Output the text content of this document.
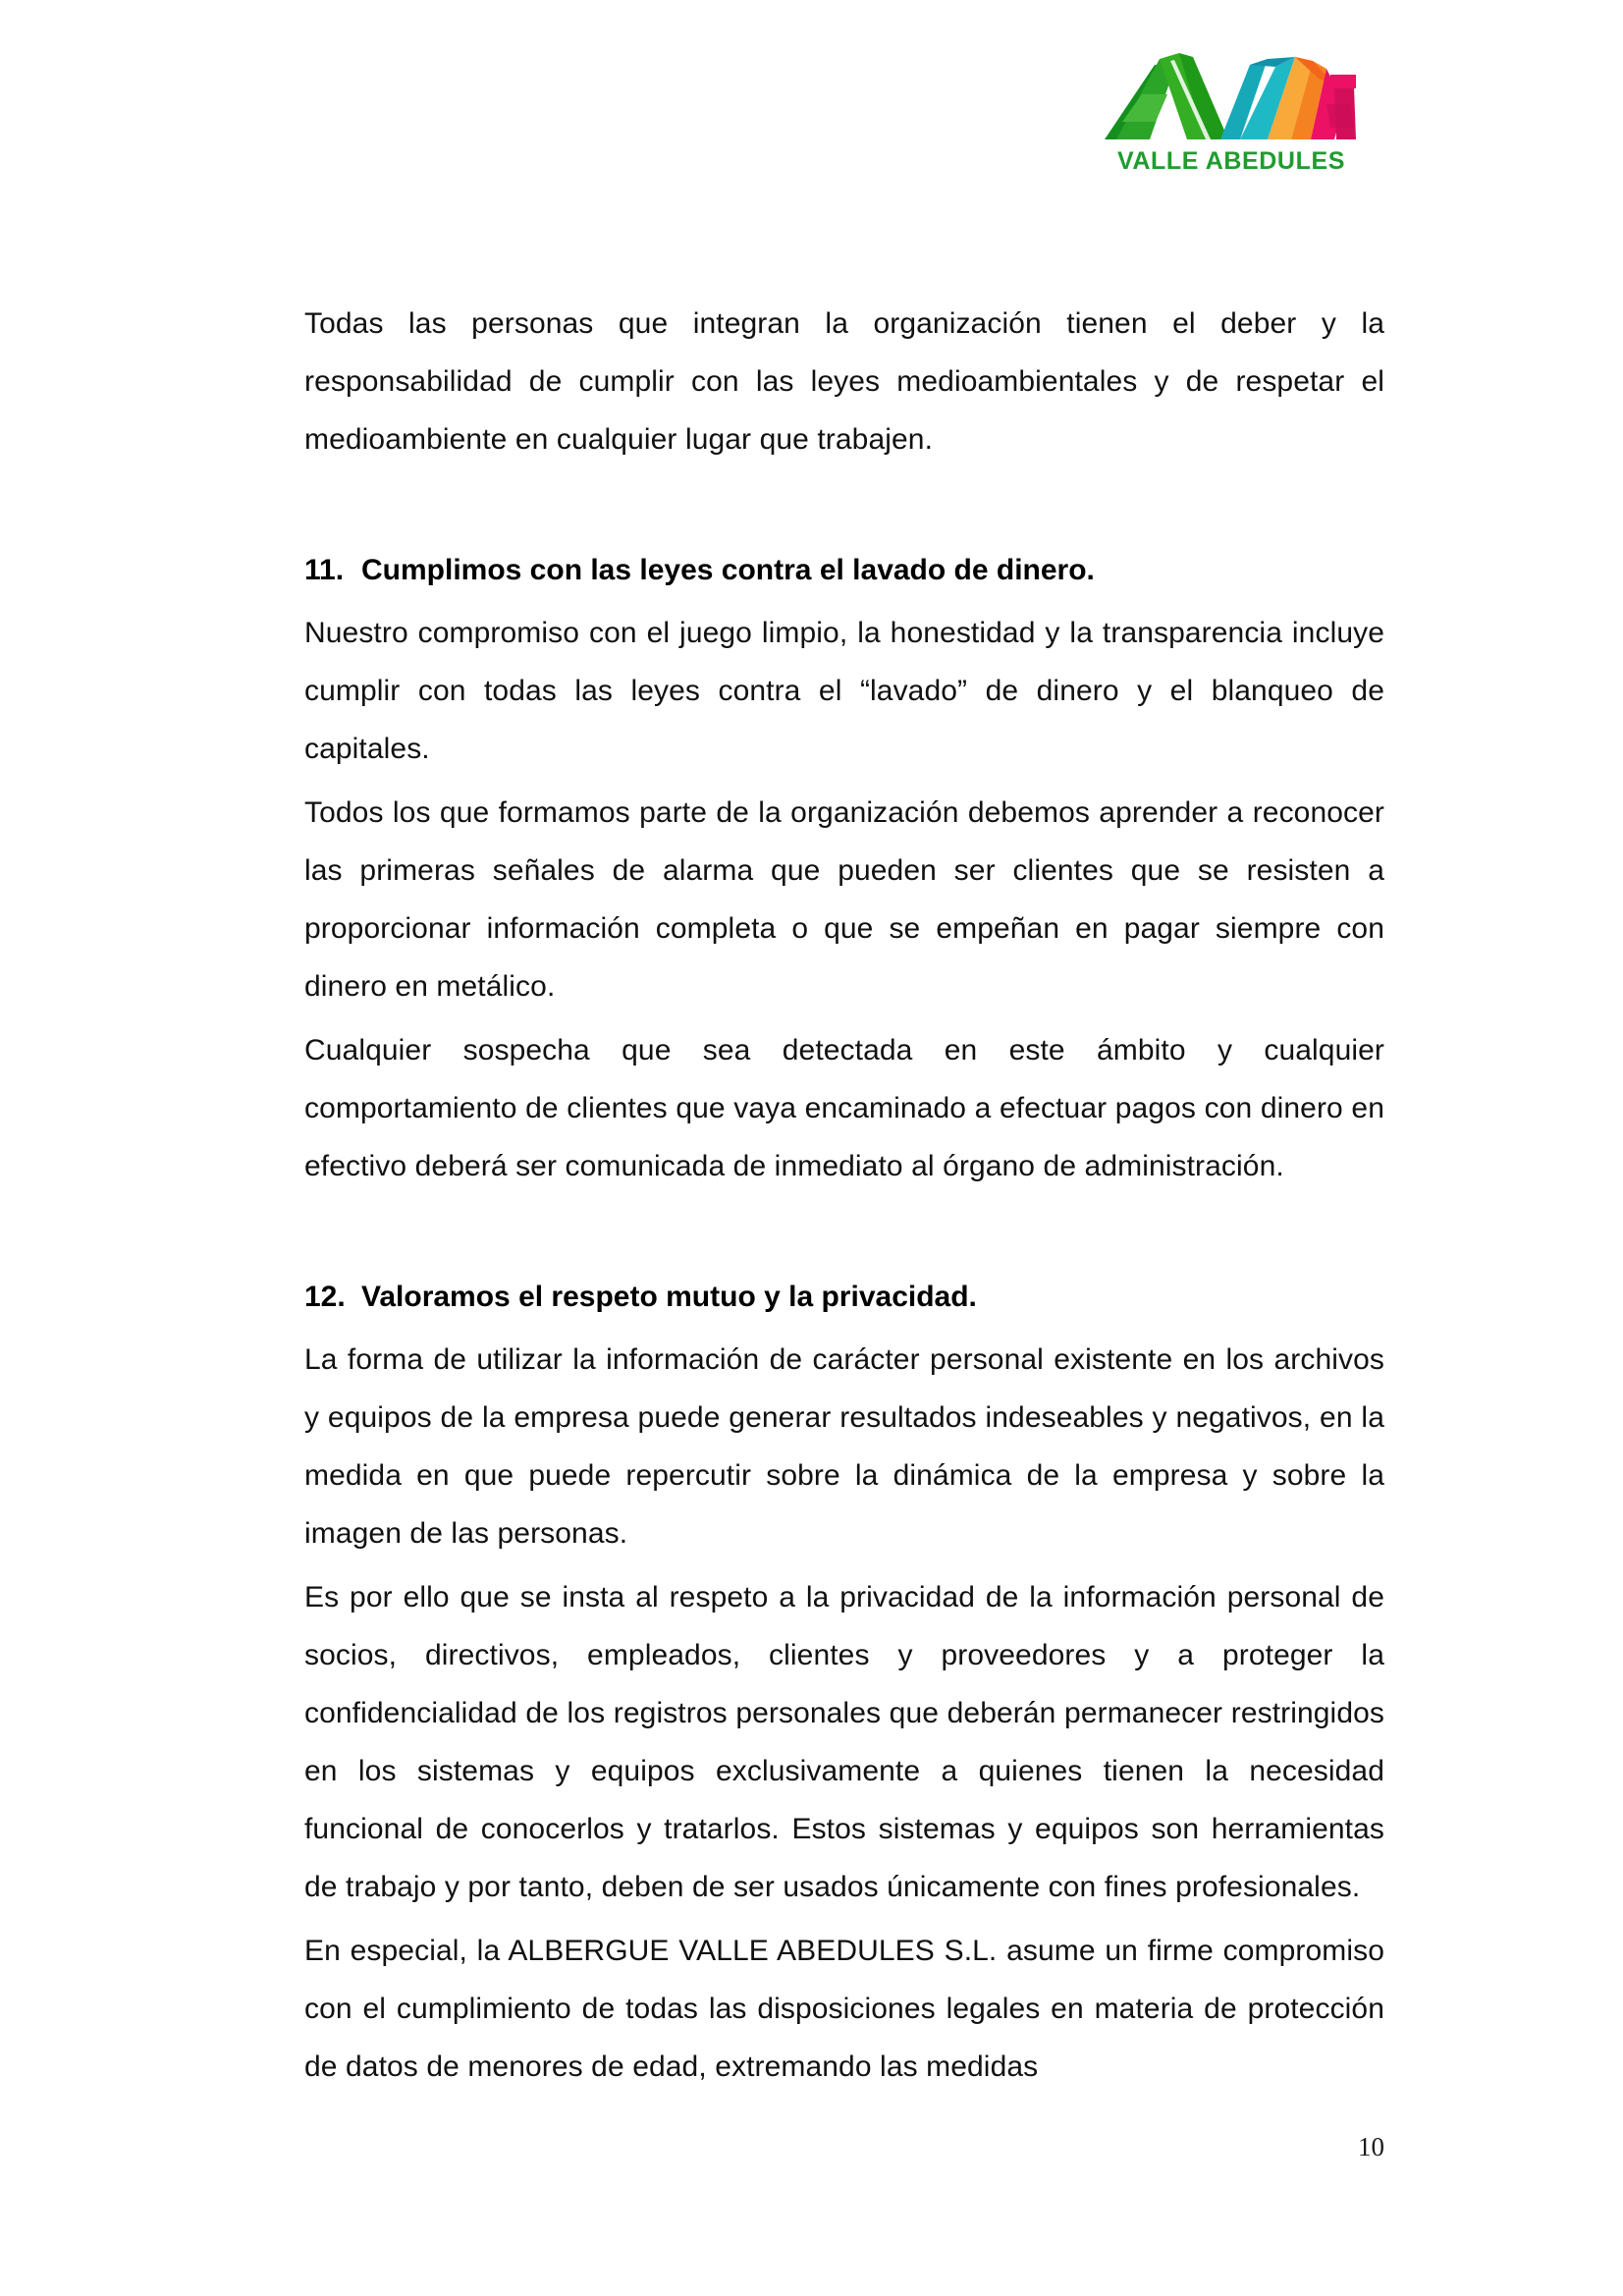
VALLE ABEDULES

Todas las personas que integran la organización tienen el deber y la responsabilidad de cumplir con las leyes medioambientales y de respetar el medioambiente en cualquier lugar que trabajen.

11. Cumplimos con las leyes contra el lavado de dinero.

Nuestro compromiso con el juego limpio, la honestidad y la transparencia incluye cumplir con todas las leyes contra el “lavado” de dinero y el blanqueo de capitales.

Todos los que formamos parte de la organización debemos aprender a reconocer las primeras señales de alarma que pueden ser clientes que se resisten a proporcionar información completa o que se empeñan en pagar siempre con dinero en metálico.

Cualquier sospecha que sea detectada en este ámbito y cualquier comportamiento de clientes que vaya encaminado a efectuar pagos con dinero en efectivo deberá ser comunicada de inmediato al órgano de administración.

12. Valoramos el respeto mutuo y la privacidad.

La forma de utilizar la información de carácter personal existente en los archivos y equipos de la empresa puede generar resultados indeseables y negativos, en la medida en que puede repercutir sobre la dinámica de la empresa y sobre la imagen de las personas.

Es por ello que se insta al respeto a la privacidad de la información personal de socios, directivos, empleados, clientes y proveedores y a proteger la confidencialidad de los registros personales que deberán permanecer restringidos en los sistemas y equipos exclusivamente a quienes tienen la necesidad funcional de conocerlos y tratarlos. Estos sistemas y equipos son herramientas de trabajo y por tanto, deben de ser usados únicamente con fines profesionales.

En especial, la ALBERGUE VALLE ABEDULES S.L. asume un firme compromiso con el cumplimiento de todas las disposiciones legales en materia de protección de datos de menores de edad, extremando las medidas

10
